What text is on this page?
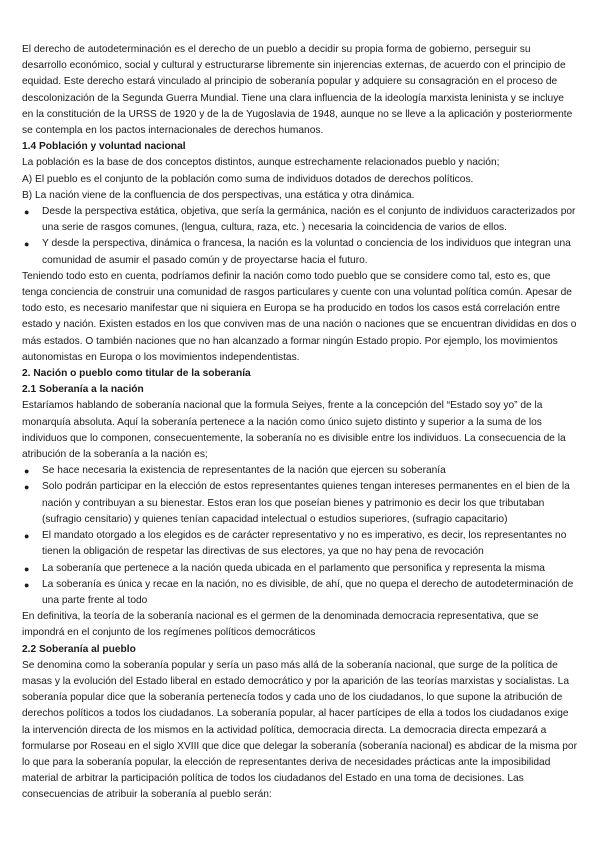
El derecho de autodeterminación es el derecho de un pueblo a decidir su propia forma de gobierno, perseguir su desarrollo económico, social y cultural y estructurarse libremente sin injerencias externas, de acuerdo con el principio de equidad. Este derecho estará vinculado al principio de soberanía popular y adquiere su consagración en el proceso de descolonización de la Segunda Guerra Mundial. Tiene una clara influencia de la ideología marxista leninista y se incluye en la constitución de la URSS de 1920 y de la de Yugoslavia de 1948, aunque no se lleve a la aplicación y posteriormente se contempla en los pactos internacionales de derechos humanos.

1.4 Población y voluntad nacional

La población es la base de dos conceptos distintos, aunque estrechamente relacionados pueblo y nación;

A) El pueblo es el conjunto de la población como suma de individuos dotados de derechos políticos.

B) La nación viene de la confluencia de dos perspectivas, una estática y otra dinámica.

● Desde la perspectiva estática, objetiva, que sería la germánica, nación es el conjunto de individuos caracterizados por una serie de rasgos comunes, (lengua, cultura, raza, etc. ) necesaria la coincidencia de varios de ellos.
● Y desde la perspectiva, dinámica o francesa, la nación es la voluntad o conciencia de los individuos que integran una comunidad de asumir el pasado común y de proyectarse hacia el futuro.

Teniendo todo esto en cuenta, podríamos definir la nación como todo pueblo que se considere como tal, esto es, que tenga conciencia de construir una comunidad de rasgos particulares y cuente con una voluntad política común. Apesar de todo esto, es necesario manifestar que ni siquiera en Europa se ha producido en todos los casos está correlación entre estado y nación. Existen estados en los que conviven mas de una nación o naciones que se encuentran divididas en dos o más estados. O también naciones que no han alcanzado a formar ningún Estado propio. Por ejemplo, los movimientos autonomistas en Europa o los movimientos independentistas.

2. Nación o pueblo como titular de la soberanía
2.1 Soberanía a la nación

Estaríamos hablando de soberanía nacional que la formula Seiyes, frente a la concepción del “Estado soy yo” de la monarquía absoluta. Aquí la soberanía pertenece a la nación como único sujeto distinto y superior a la suma de los individuos que lo componen, consecuentemente, la soberanía no es divisible entre los individuos. La consecuencia de la atribución de la soberanía a la nación es;

● Se hace necesaria la existencia de representantes de la nación que ejercen su soberanía
● Solo podrán participar en la elección de estos representantes quienes tengan intereses permanentes en el bien de la nación y contribuyan a su bienestar. Estos eran los que poseían bienes y patrimonio es decir los que tributaban (sufragio censitario) y quienes tenían capacidad intelectual o estudios superiores, (sufragio capacitario)
● El mandato otorgado a los elegidos es de carácter representativo y no es imperativo, es decir, los representantes no tienen la obligación de respetar las directivas de sus electores, ya que no hay pena de revocación
● La soberanía que pertenece a la nación queda ubicada en el parlamento que personifica y representa la misma
● La soberanía es única y recae en la nación, no es divisible, de ahí, que no quepa el derecho de autodeterminación de una parte frente al todo

En definitiva, la teoría de la soberanía nacional es el germen de la denominada democracia representativa, que se impondrá en el conjunto de los regímenes políticos democráticos

2.2 Soberanía al pueblo

Se denomina como la soberanía popular y sería un paso más allá de la soberanía nacional, que surge de la política de masas y la evolución del Estado liberal en estado democrático y por la aparición de las teorías marxistas y socialistas. La soberanía popular dice que la soberanía pertenecía todos y cada uno de los ciudadanos, lo que supone la atribución de derechos políticos a todos los ciudadanos. La soberanía popular, al hacer partícipes de ella a todos los ciudadanos exige la intervención directa de los mismos en la actividad política, democracia directa. La democracia directa empezará a formularse por Roseau en el siglo XVIII que dice que delegar la soberanía (soberanía nacional) es abdicar de la misma por lo que para la soberanía popular, la elección de representantes deriva de necesidades prácticas ante la imposibilidad material de arbitrar la participación política de todos los ciudadanos del Estado en una toma de decisiones. Las consecuencias de atribuir la soberanía al pueblo serán:
